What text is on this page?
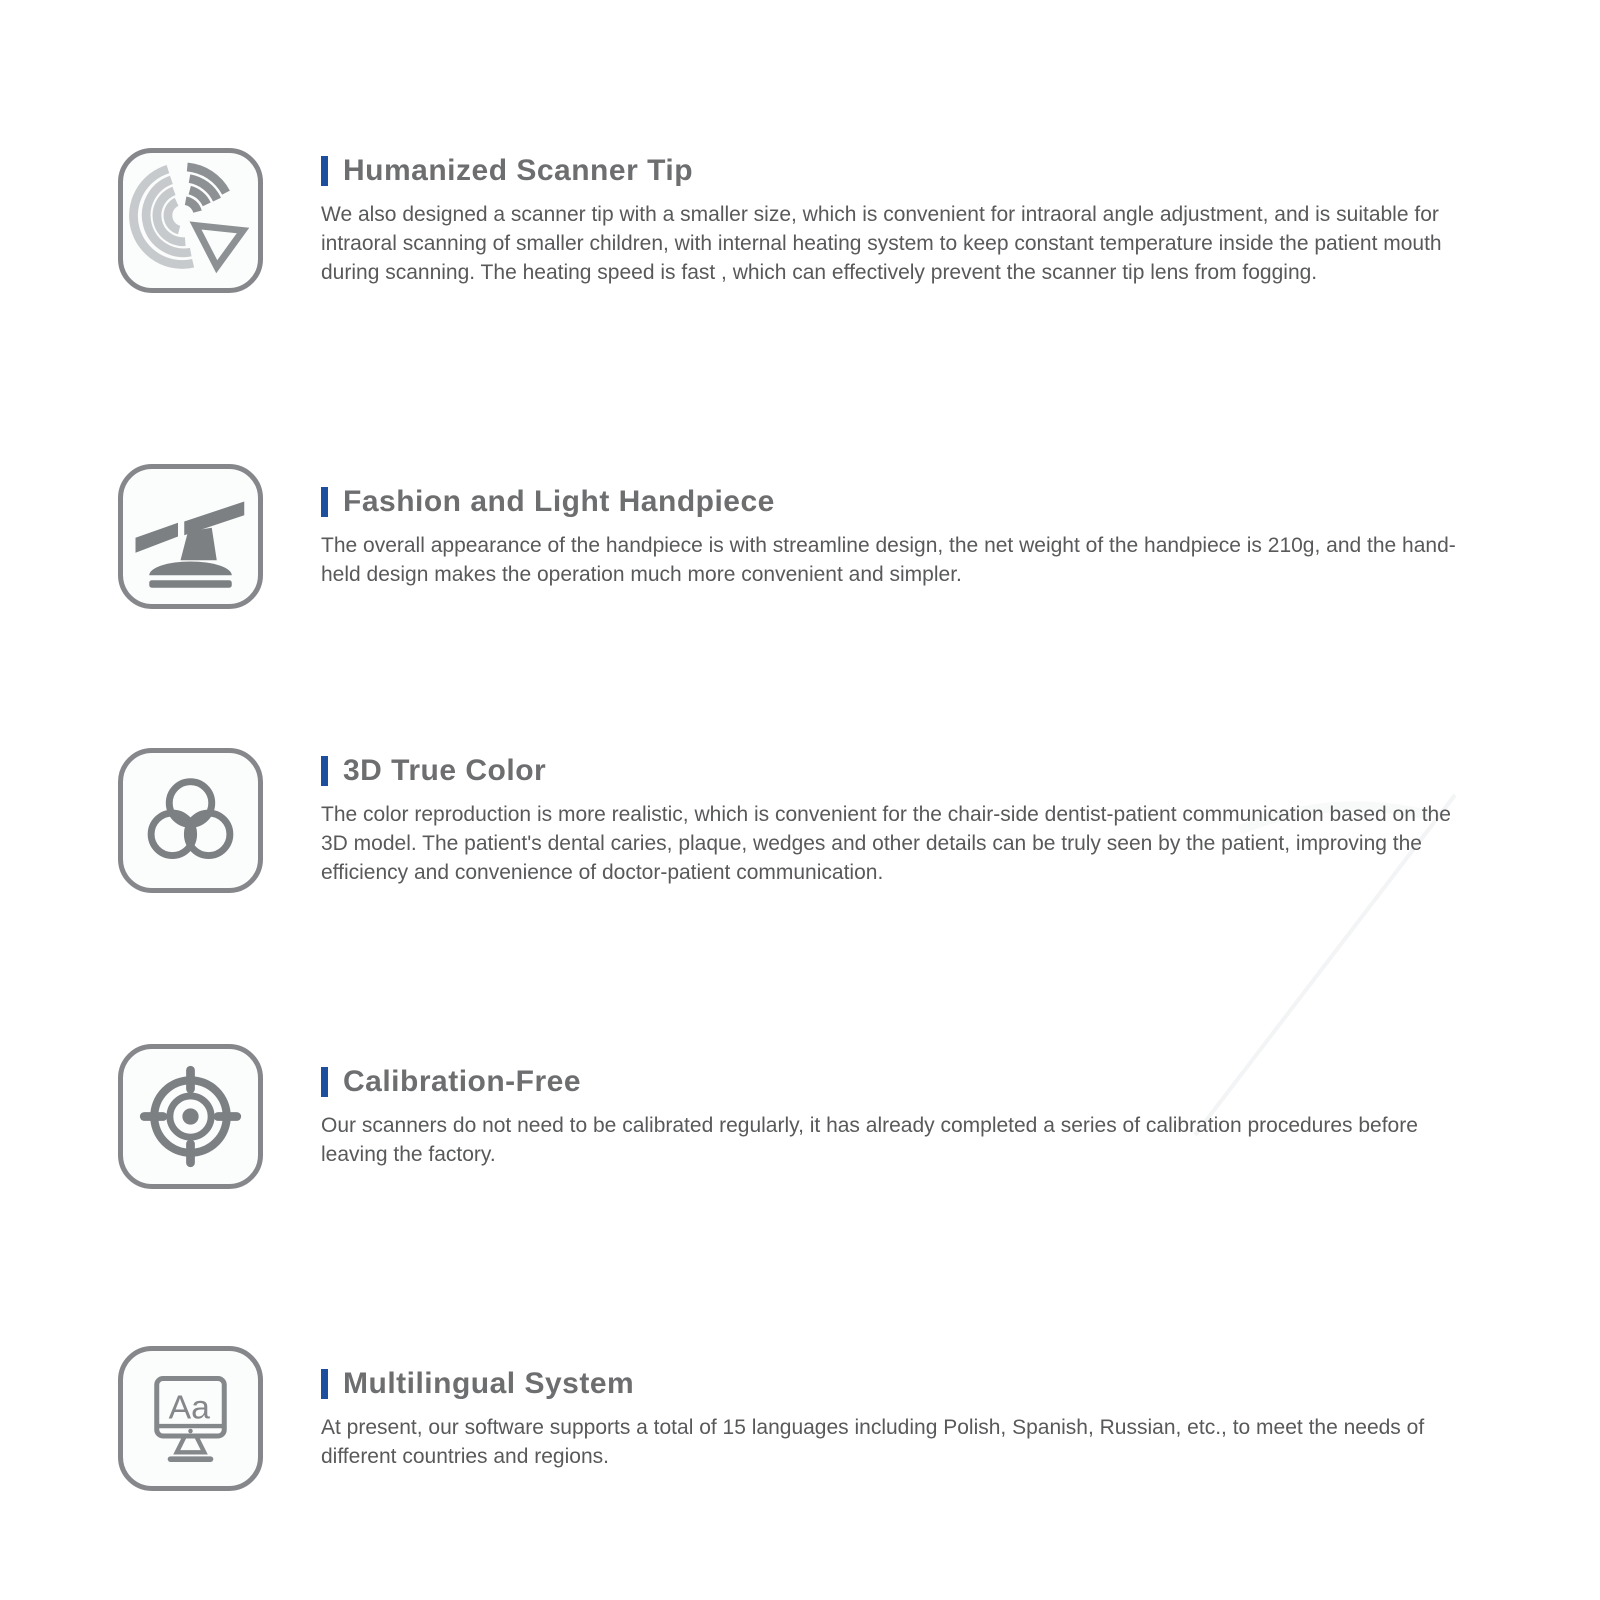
Humanized Scanner Tip

We also designed a scanner tip with a smaller size, which is convenient for intraoral angle adjustment, and is suitable for intraoral scanning of smaller children, with internal heating system to keep constant temperature inside the patient mouth during scanning. The heating speed is fast , which can effectively prevent the scanner tip lens from fogging.

Fashion and Light Handpiece

The overall appearance of the handpiece is with streamline design, the net weight of the handpiece is 210g, and the hand-held design makes the operation much more convenient and simpler.

3D True Color

The color reproduction is more realistic, which is convenient for the chair-side dentist-patient communication based on the 3D model. The patient's dental caries, plaque, wedges and other details can be truly seen by the patient, improving the efficiency and convenience of doctor-patient communication.

Calibration-Free

Our scanners do not need to be calibrated regularly, it has already completed a series of calibration procedures before leaving the factory.

Aa
Multilingual System

At present, our software supports a total of 15 languages including Polish, Spanish, Russian, etc., to meet the needs of different countries and regions.
